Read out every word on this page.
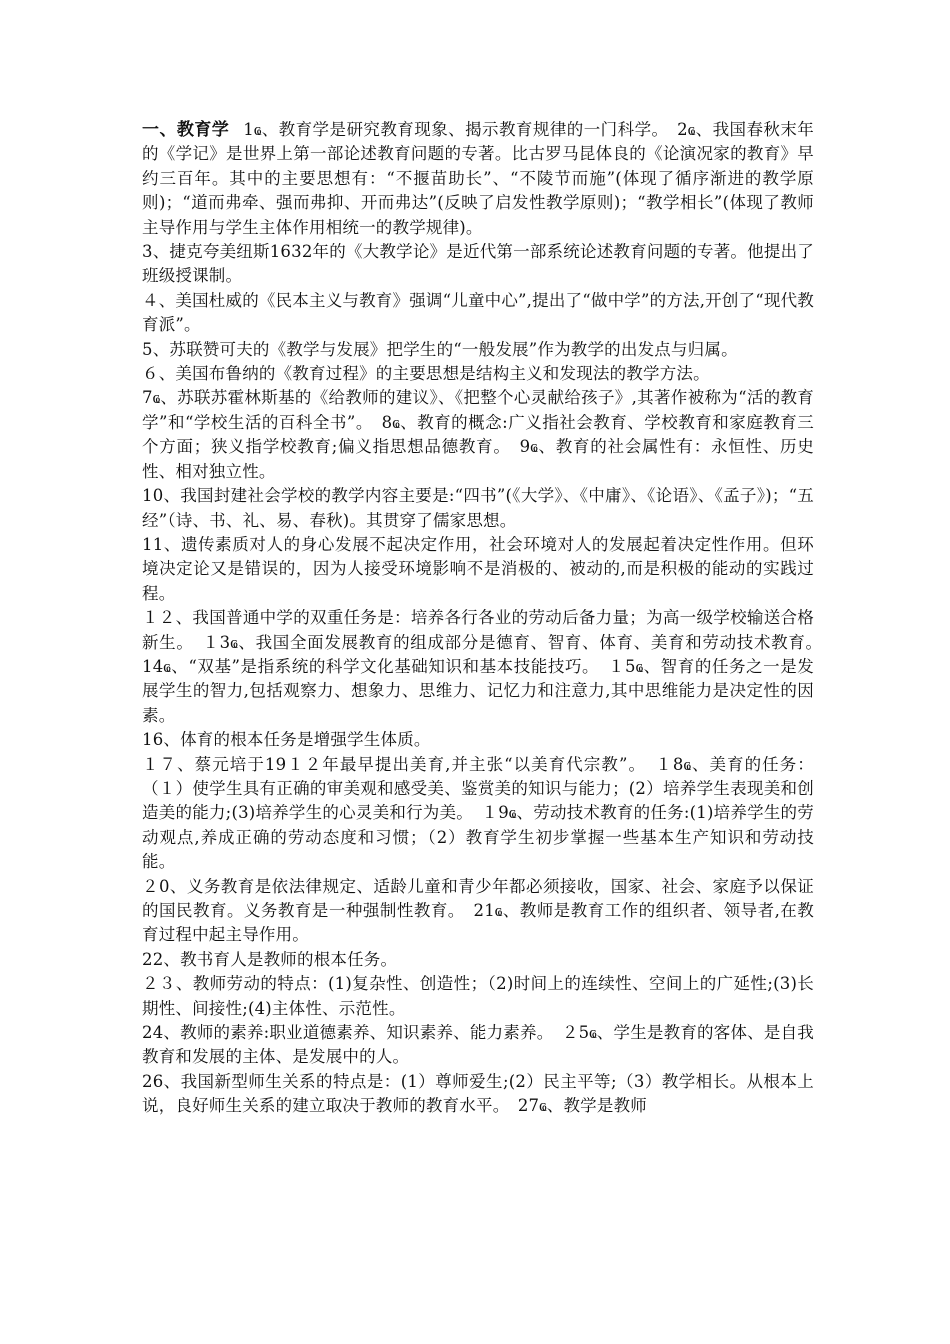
一、教育学 1ҩ、教育学是研究教育现象、揭示教育规律的一门科学。　2ҩ、我国春秋末年的《学记》是世界上第一部论述教育问题的专著。比古罗马昆体良的《论演况家的教育》早约三百年。其中的主要思想有：“不揠苗助长”、“不陵节而施”(体现了循序渐进的教学原则)；“道而弗牵、强而弗抑、开而弗达”(反映了启发性教学原则)；“教学相长”(体现了教师主导作用与学生主体作用相统一的教学规律)。

3、捷克夸美纽斯1632年的《大教学论》是近代第一部系统论述教育问题的专著。他提出了班级授课制。

４、美国杜威的《民本主义与教育》强调“儿童中心”,提出了“做中学”的方法,开创了“现代教育派”。

5、苏联赞可夫的《教学与发展》把学生的“一般发展”作为教学的出发点与归属。

６、美国布鲁纳的《教育过程》的主要思想是结构主义和发现法的教学方法。

7ҩ、苏联苏霍林斯基的《给教师的建议》、《把整个心灵献给孩子》,其著作被称为“活的教育学”和“学校生活的百科全书”。　8ҩ、教育的概念:广义指社会教育、学校教育和家庭教育三个方面；狭义指学校教育;偏义指思想品德教育。　9ҩ、教育的社会属性有：永恒性、历史性、相对独立性。

10、我国封建社会学校的教学内容主要是:“四书”(《大学》、《中庸》、《论语》、《孟子》)；“五经”（诗、书、礼、易、春秋)。其贯穿了儒家思想。

11、遗传素质对人的身心发展不起决定作用，社会环境对人的发展起着决定性作用。但环境决定论又是错误的，因为人接受环境影响不是消极的、被动的,而是积极的能动的实践过程。

１２、我国普通中学的双重任务是：培养各行各业的劳动后备力量；为高一级学校输送合格新生。　１3ҩ、我国全面发展教育的组成部分是德育、智育、体育、美育和劳动技术教育。　14ҩ、“双基”是指系统的科学文化基础知识和基本技能技巧。　１5ҩ、智育的任务之一是发展学生的智力,包括观察力、想象力、思维力、记忆力和注意力,其中思维能力是决定性的因素。

16、体育的根本任务是增强学生体质。

１７、蔡元培于19１２年最早提出美育,并主张“以美育代宗教”。　１8ҩ、美育的任务：（１）使学生具有正确的审美观和感受美、鉴赏美的知识与能力；(2）培养学生表现美和创造美的能力;(3)培养学生的心灵美和行为美。　１9ҩ、劳动技术教育的任务:(1)培养学生的劳动观点,养成正确的劳动态度和习惯；（2）教育学生初步掌握一些基本生产知识和劳动技能。

２0、义务教育是依法律规定、适龄儿童和青少年都必须接收，国家、社会、家庭予以保证的国民教育。义务教育是一种强制性教育。　21ҩ、教师是教育工作的组织者、领导者,在教育过程中起主导作用。

22、教书育人是教师的根本任务。

２３、教师劳动的特点：(1)复杂性、创造性；（2)时间上的连续性、空间上的广延性;(3)长期性、间接性;(4)主体性、示范性。

24、教师的素养:职业道德素养、知识素养、能力素养。　２5ҩ、学生是教育的客体、是自我教育和发展的主体、是发展中的人。

26、我国新型师生关系的特点是：(1）尊师爱生;(2）民主平等;（3）教学相长。从根本上说，良好师生关系的建立取决于教师的教育水平。　27ҩ、教学是教师
